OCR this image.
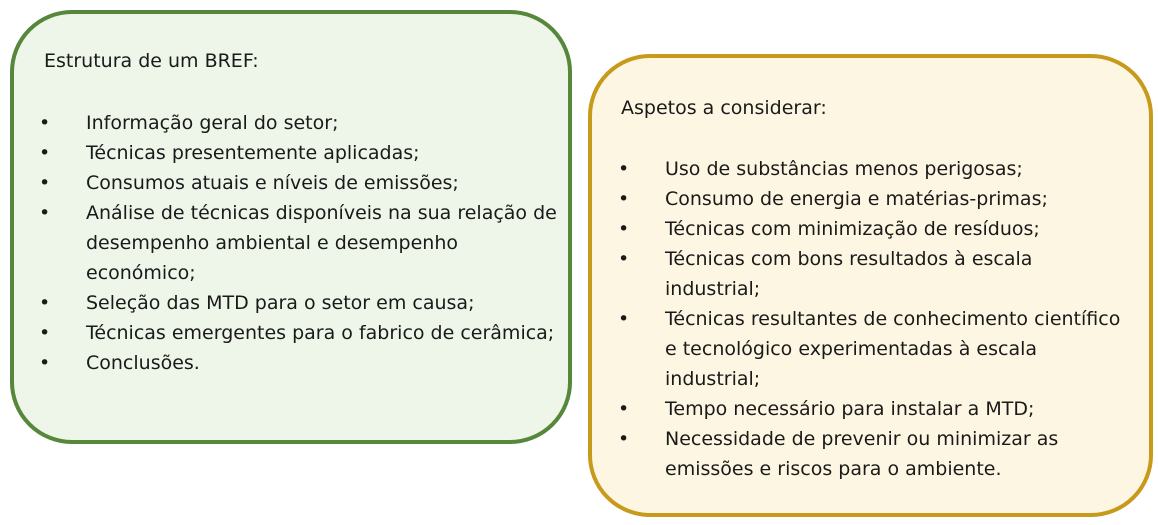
Estrutura de um BREF:
• Informação geral do setor;
• Técnicas presentemente aplicadas;
• Consumos atuais e níveis de emissões;
• Análise de técnicas disponíveis na sua relação de desempenho ambiental e desempenho económico;
• Seleção das MTD para o setor em causa;
• Técnicas emergentes para o fabrico de cerâmica;
• Conclusões.
Aspetos a considerar:
• Uso de substâncias menos perigosas;
• Consumo de energia e matérias-primas;
• Técnicas com minimização de resíduos;
• Técnicas com bons resultados à escala industrial;
• Técnicas resultantes de conhecimento científico e tecnológico experimentadas à escala industrial;
• Tempo necessário para instalar a MTD;
• Necessidade de prevenir ou minimizar as emissões e riscos para o ambiente.
